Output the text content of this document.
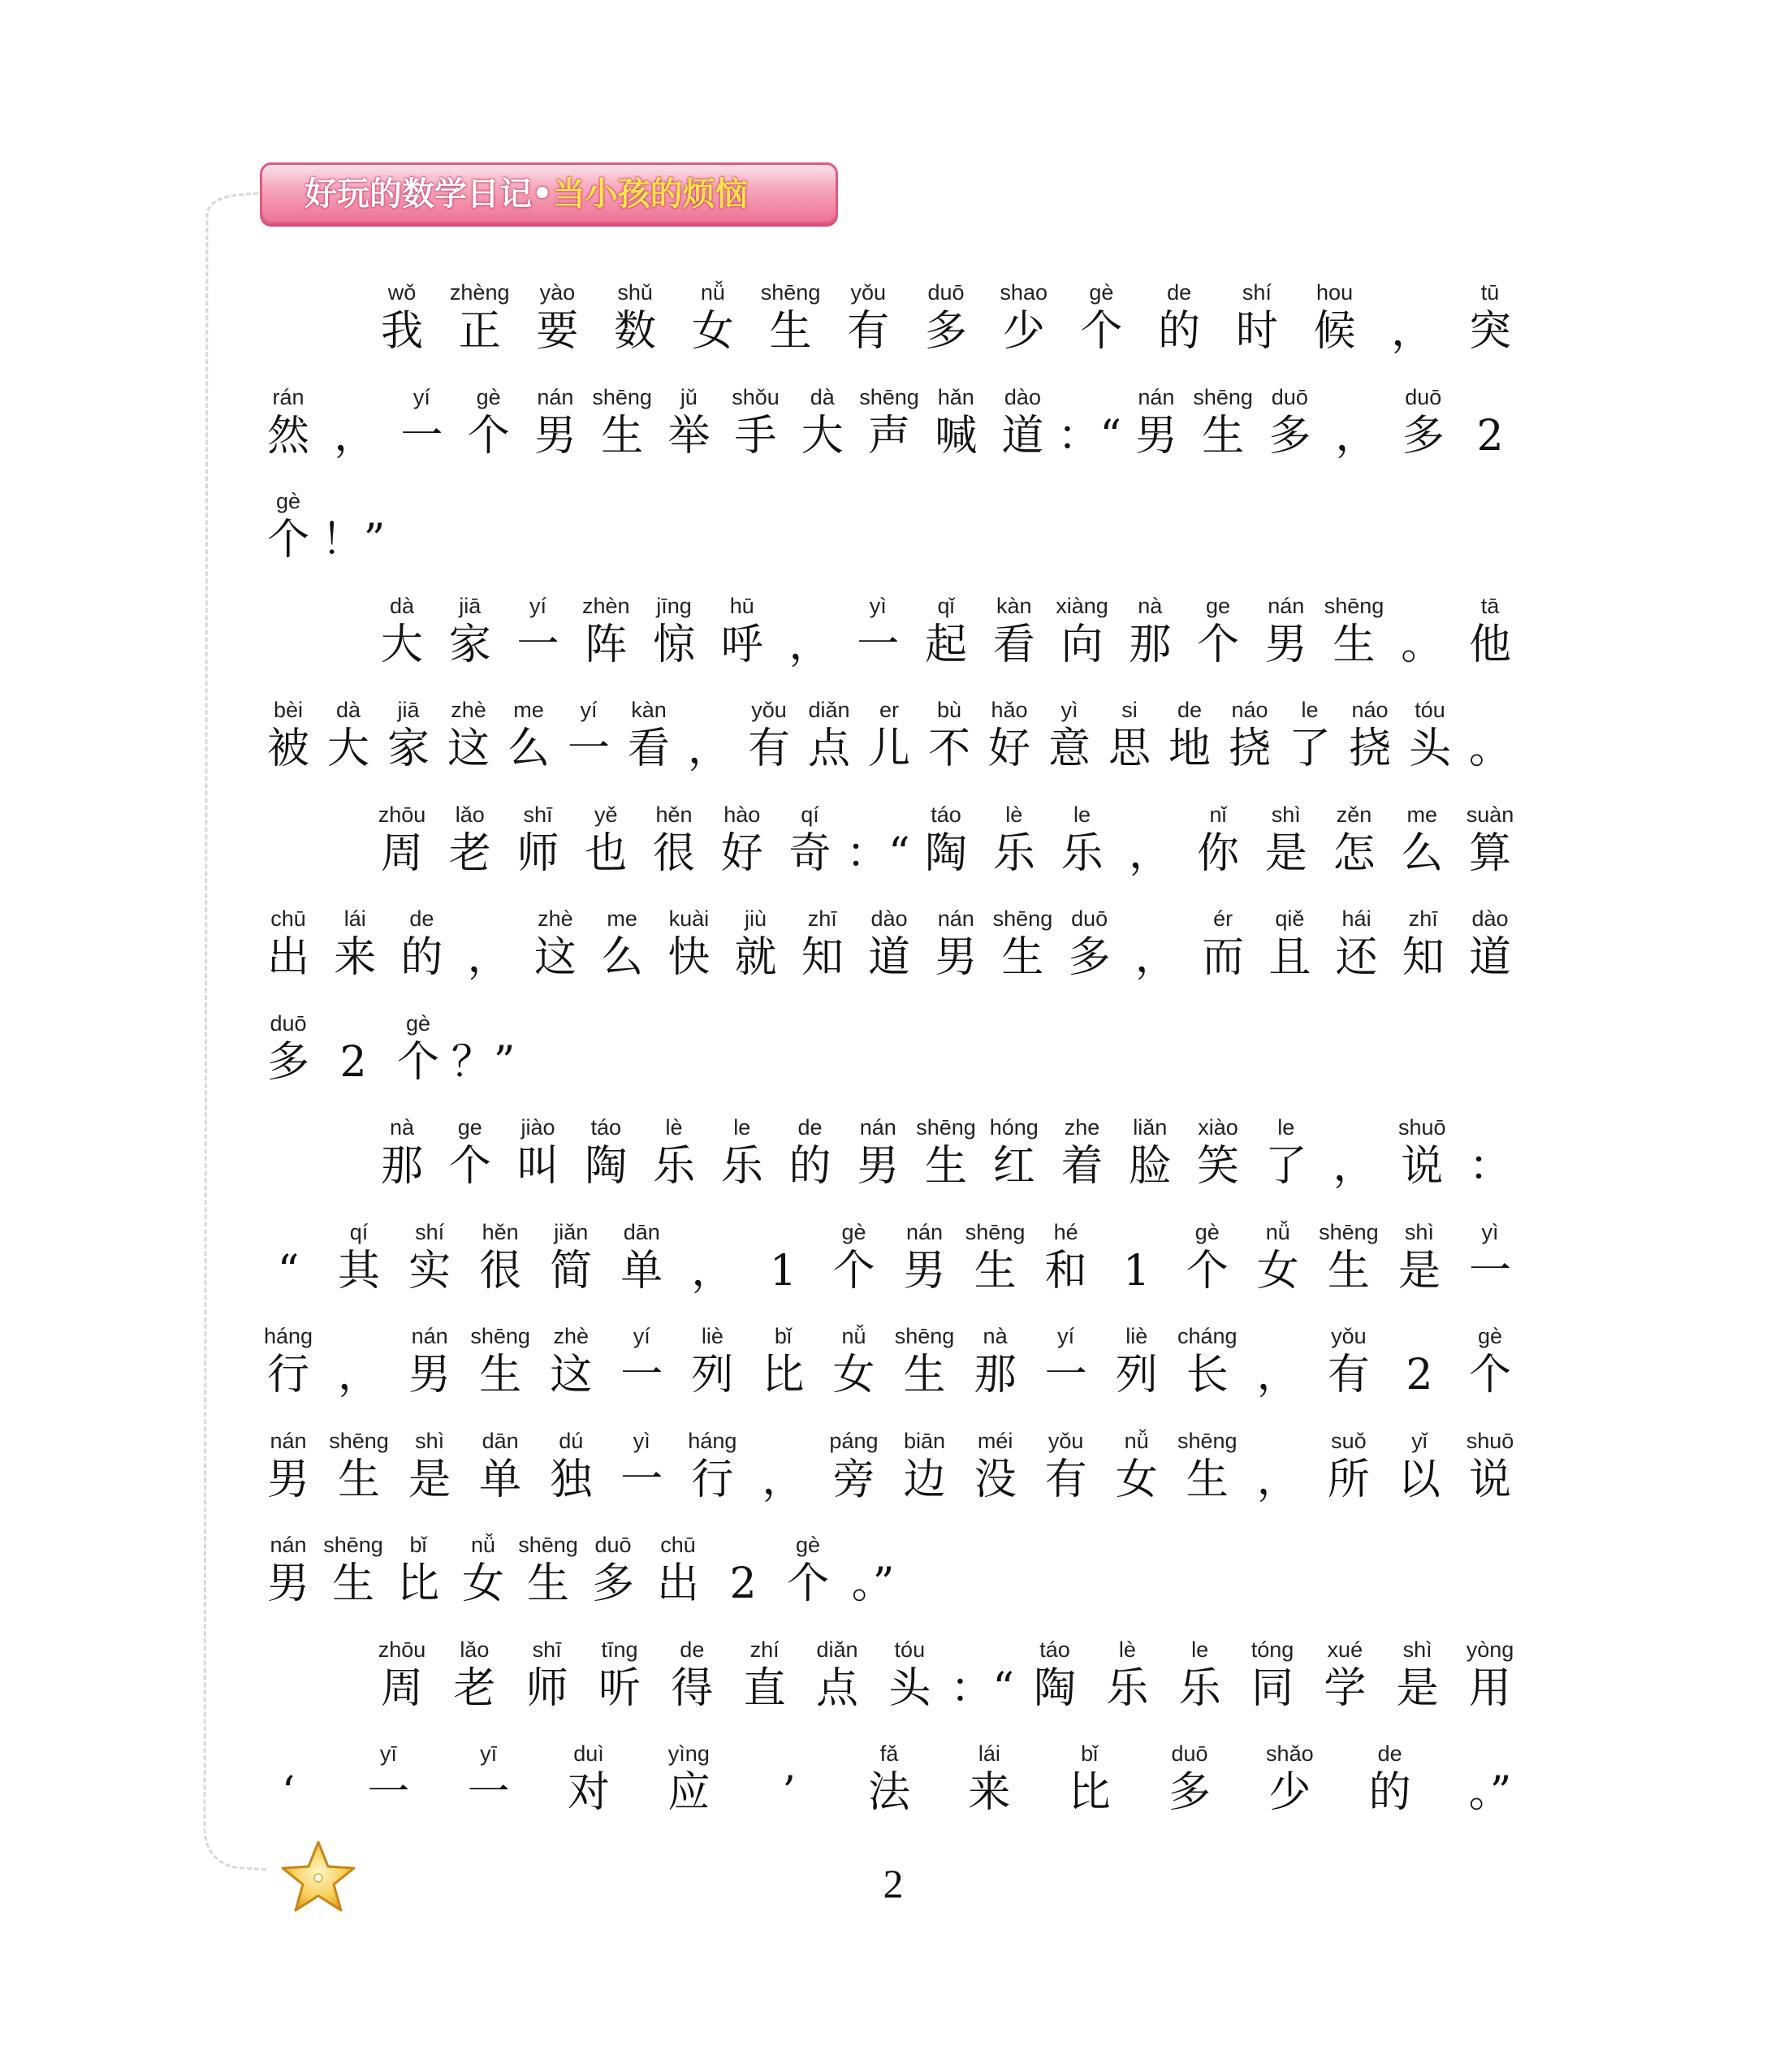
好玩的数学日记•当小孩的烦恼
wǒ
我
zhèng
正
yào
要
shǔ
数
nǚ
女
shēng
生
yǒu
有
duō
多
shao
少
gè
个
de
的
shí
时
hou
候 ，
tū
突
rán
然 ，
yí
一
gè
个
nán
男
shēng
生
jǔ
举
shǒu
手
dà
大
shēng
声
hǎn
喊
dào
道 ：“
nán
男
shēng
生
duō
多 ，
duō
多 2
gè
个 ！”
dà
大
jiā
家
yí
一
zhèn
阵
jīng
惊
hū
呼 ，
yì
一
qǐ
起
kàn
看
xiàng
向
nà
那
ge
个
nán
男
shēng
生 。
tā
他
bèi
被
dà
大
jiā
家
zhè
这
me
么
yí
一
kàn
看 ，
yǒu
有
diǎn
点
er
儿
bù
不
hǎo
好
yì
意
si
思
de
地
náo
挠
le
了
náo
挠
tóu
头 。
zhōu
周
lǎo
老
shī
师
yě
也
hěn
很
hào
好
qí
奇 ：“
táo
陶
lè
乐
le
乐 ，
nǐ
你
shì
是
zěn
怎
me
么
suàn
算
chū
出
lái
来
de
的 ，
zhè
这
me
么
kuài
快
jiù
就
zhī
知
dào
道
nán
男
shēng
生
duō
多 ，
ér
而
qiě
且
hái
还
zhī
知
dào
道
duō
多 2
gè
个 ？”
nà
那
ge
个
jiào
叫
táo
陶
lè
乐
le
乐
de
的
nán
男
shēng
生
hóng
红
zhe
着
liǎn
脸
xiào
笑
le
了 ，
shuō
说 ：
“
qí
其
shí
实
hěn
很
jiǎn
简
dān
单 ， 1
gè
个
nán
男
shēng
生
hé
和 1
gè
个
nǚ
女
shēng
生
shì
是
yì
一
háng
行 ，
nán
男
shēng
生
zhè
这
yí
一
liè
列
bǐ
比
nǚ
女
shēng
生
nà
那
yí
一
liè
列
cháng
长 ，
yǒu
有 2
gè
个
nán
男
shēng
生
shì
是
dān
单
dú
独
yì
一
háng
行 ，
páng
旁
biān
边
méi
没
yǒu
有
nǚ
女
shēng
生 ，
suǒ
所
yǐ
以
shuō
说
nán
男
shēng
生
bǐ
比
nǚ
女
shēng
生
duō
多
chū
出 2
gè
个 。”
zhōu
周
lǎo
老
shī
师
tīng
听
de
得
zhí
直
diǎn
点
tóu
头 ：“
táo
陶
lè
乐
le
乐
tóng
同
xué
学
shì
是
yòng
用
‘
yī
一
yī
一
duì
对
yìng
应 ’
fǎ
法
lái
来
bǐ
比
duō
多
shǎo
少
de
的 。”
2
